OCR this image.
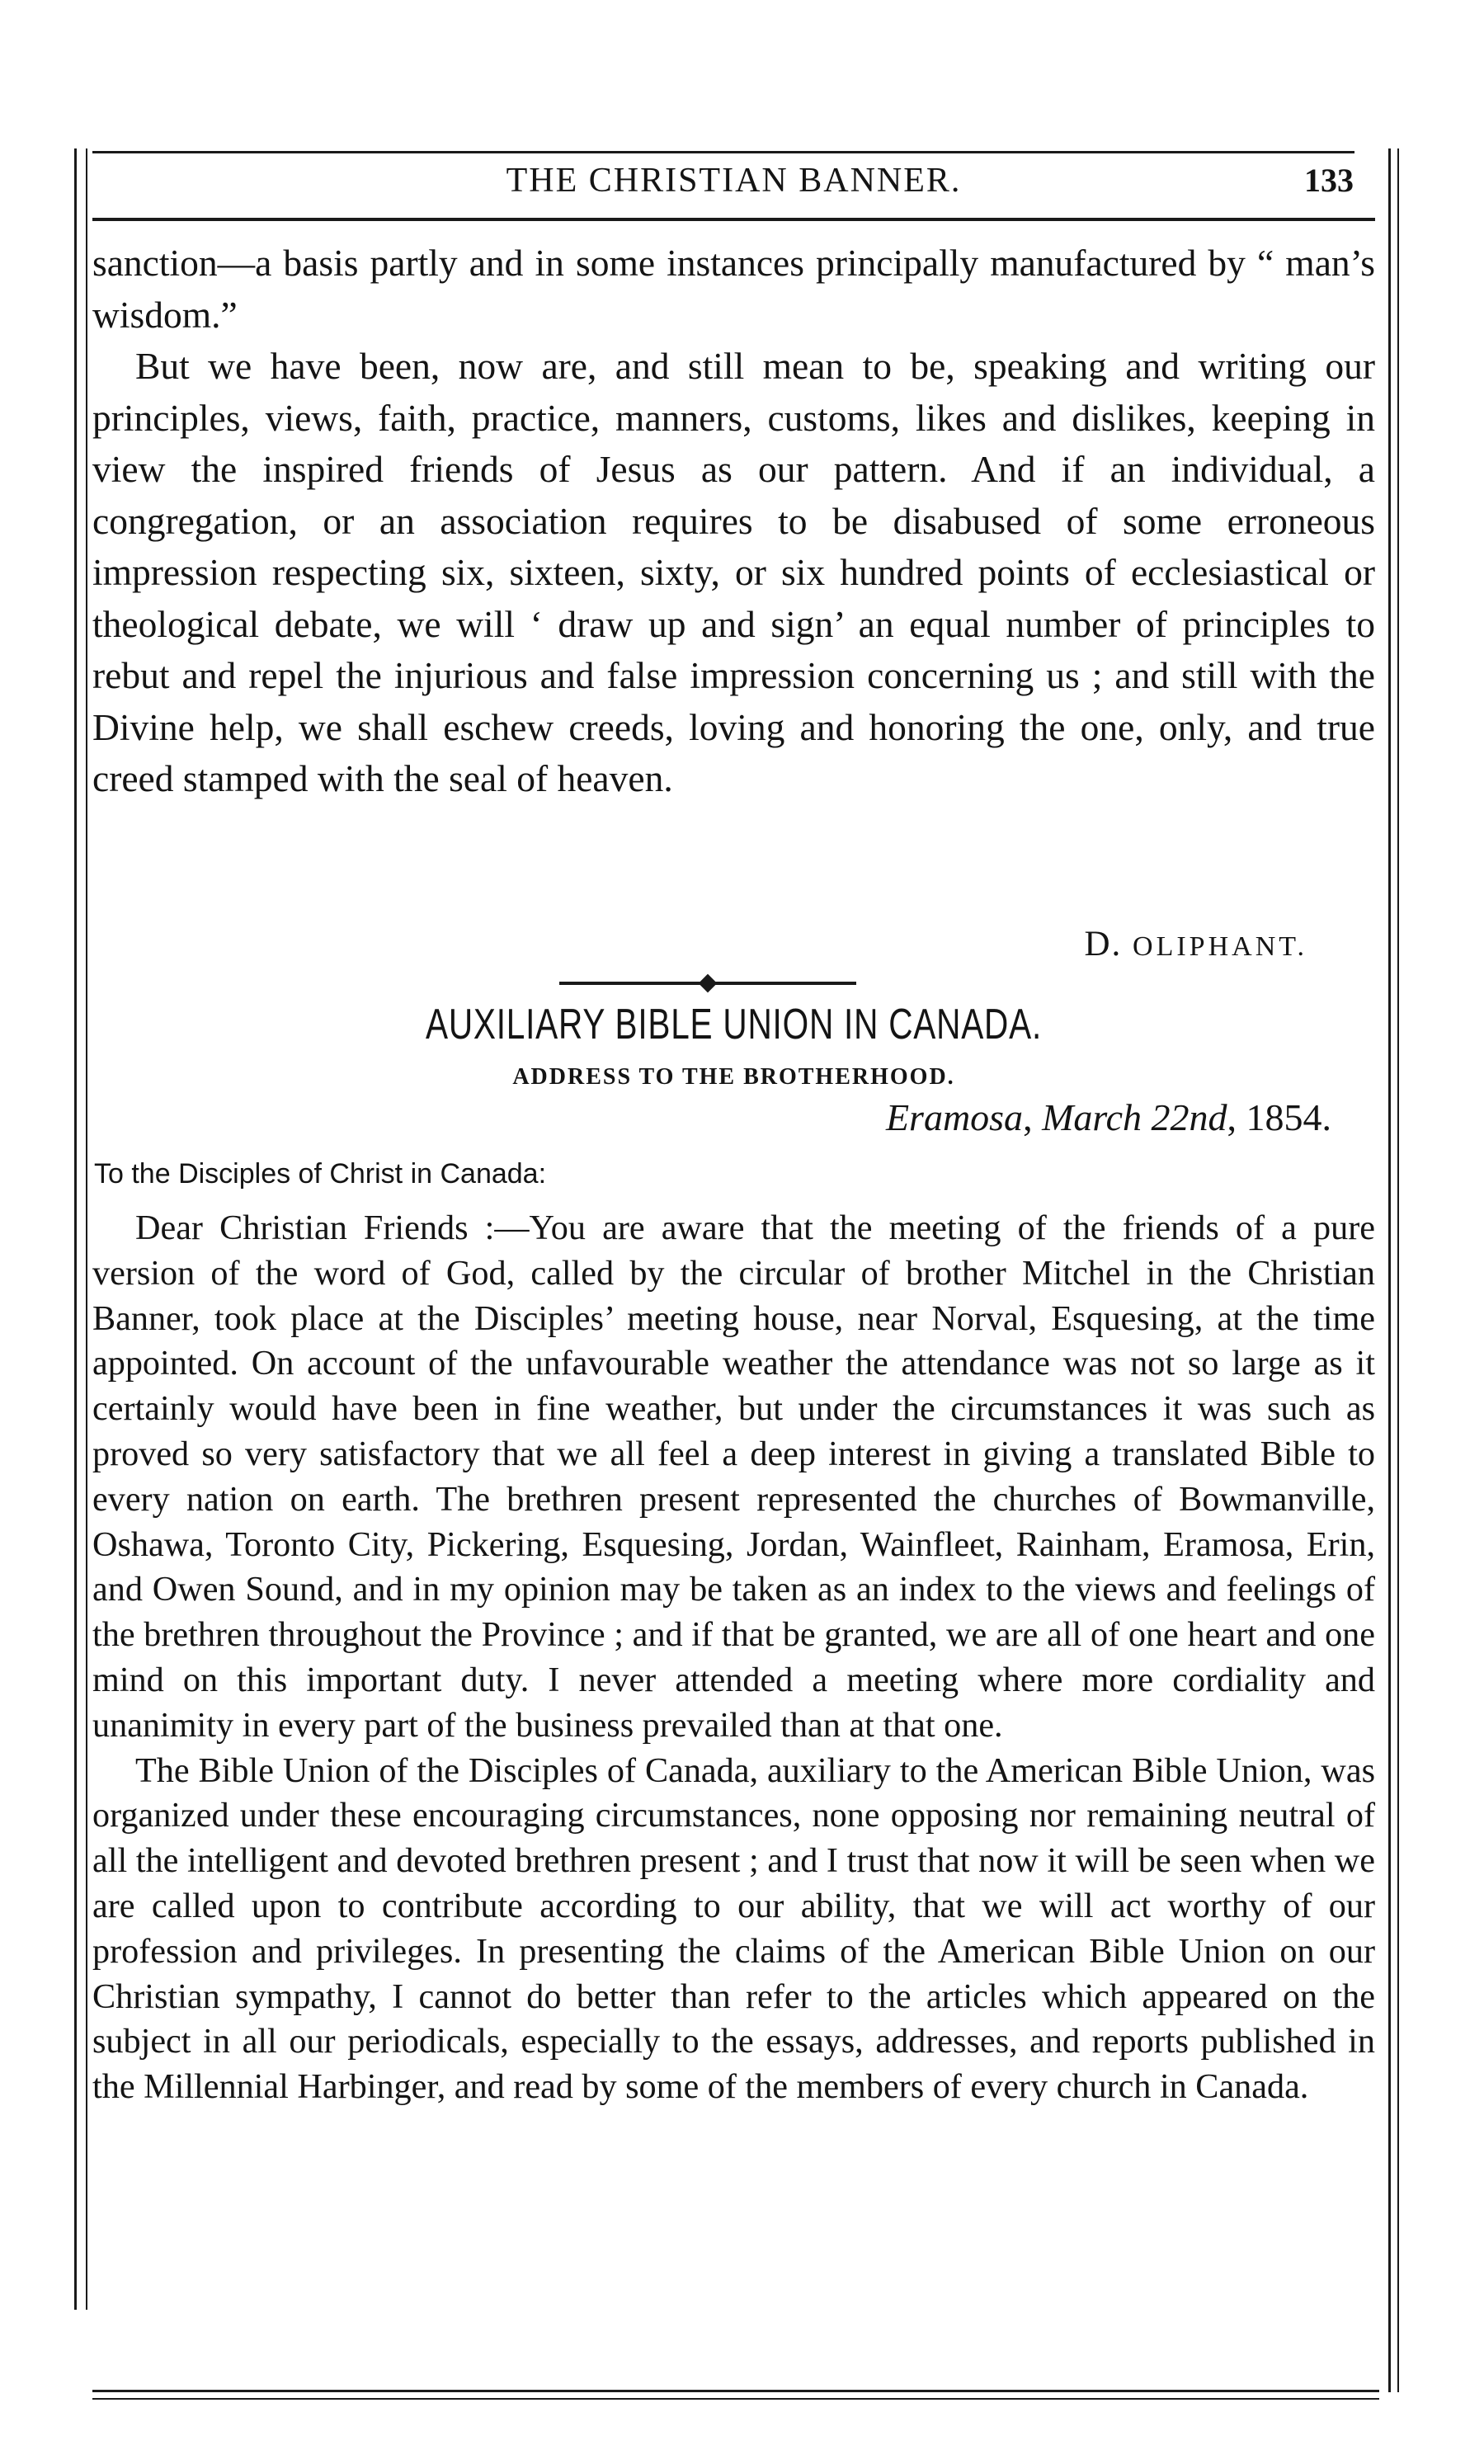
THE CHRISTIAN BANNER.	133

sanction—a basis partly and in some instances principally manufactured by “ man’s wisdom.”

But we have been, now are, and still mean to be, speaking and writing our principles, views, faith, practice, manners, customs, likes and dislikes, keeping in view the inspired friends of Jesus as our pattern. And if an individual, a congregation, or an association requires to be disabused of some erroneous impression respecting six, sixteen, sixty, or six hundred points of ecclesiastical or theological debate, we will ‘ draw up and sign’ an equal number of principles to rebut and repel the injurious and false impression concerning us ; and still with the Divine help, we shall eschew creeds, loving and honoring the one, only, and true creed stamped with the seal of heaven.

D. OLIPHANT.
AUXILIARY BIBLE UNION IN CANADA.
ADDRESS TO THE BROTHERHOOD.
Eramosa, March 22nd, 1854.
To the Disciples of Christ in Canada:

Dear Christian Friends :—You are aware that the meeting of the friends of a pure version of the word of God, called by the circular of brother Mitchel in the Christian Banner, took place at the Disciples’ meeting house, near Norval, Esquesing, at the time appointed. On account of the unfavourable weather the attendance was not so large as it certainly would have been in fine weather, but under the circumstances it was such as proved so very satisfactory that we all feel a deep interest in giving a translated Bible to every nation on earth. The brethren present represented the churches of Bowmanville, Oshawa, Toronto City, Pickering, Esquesing, Jordan, Wainfleet, Rainham, Eramosa, Erin, and Owen Sound, and in my opinion may be taken as an index to the views and feelings of the brethren throughout the Province ; and if that be granted, we are all of one heart and one mind on this important duty. I never attended a meeting where more cordiality and unanimity in every part of the business prevailed than at that one.

The Bible Union of the Disciples of Canada, auxiliary to the American Bible Union, was organized under these encouraging circumstances, none opposing nor remaining neutral of all the intelligent and devoted brethren present ; and I trust that now it will be seen when we are called upon to contribute according to our ability, that we will act worthy of our profession and privileges. In presenting the claims of the American Bible Union on our Christian sympathy, I cannot do better than refer to the articles which appeared on the subject in all our periodicals, especially to the essays, addresses, and reports published in the Millennial Harbinger, and read by some of the members of every church in Canada.
